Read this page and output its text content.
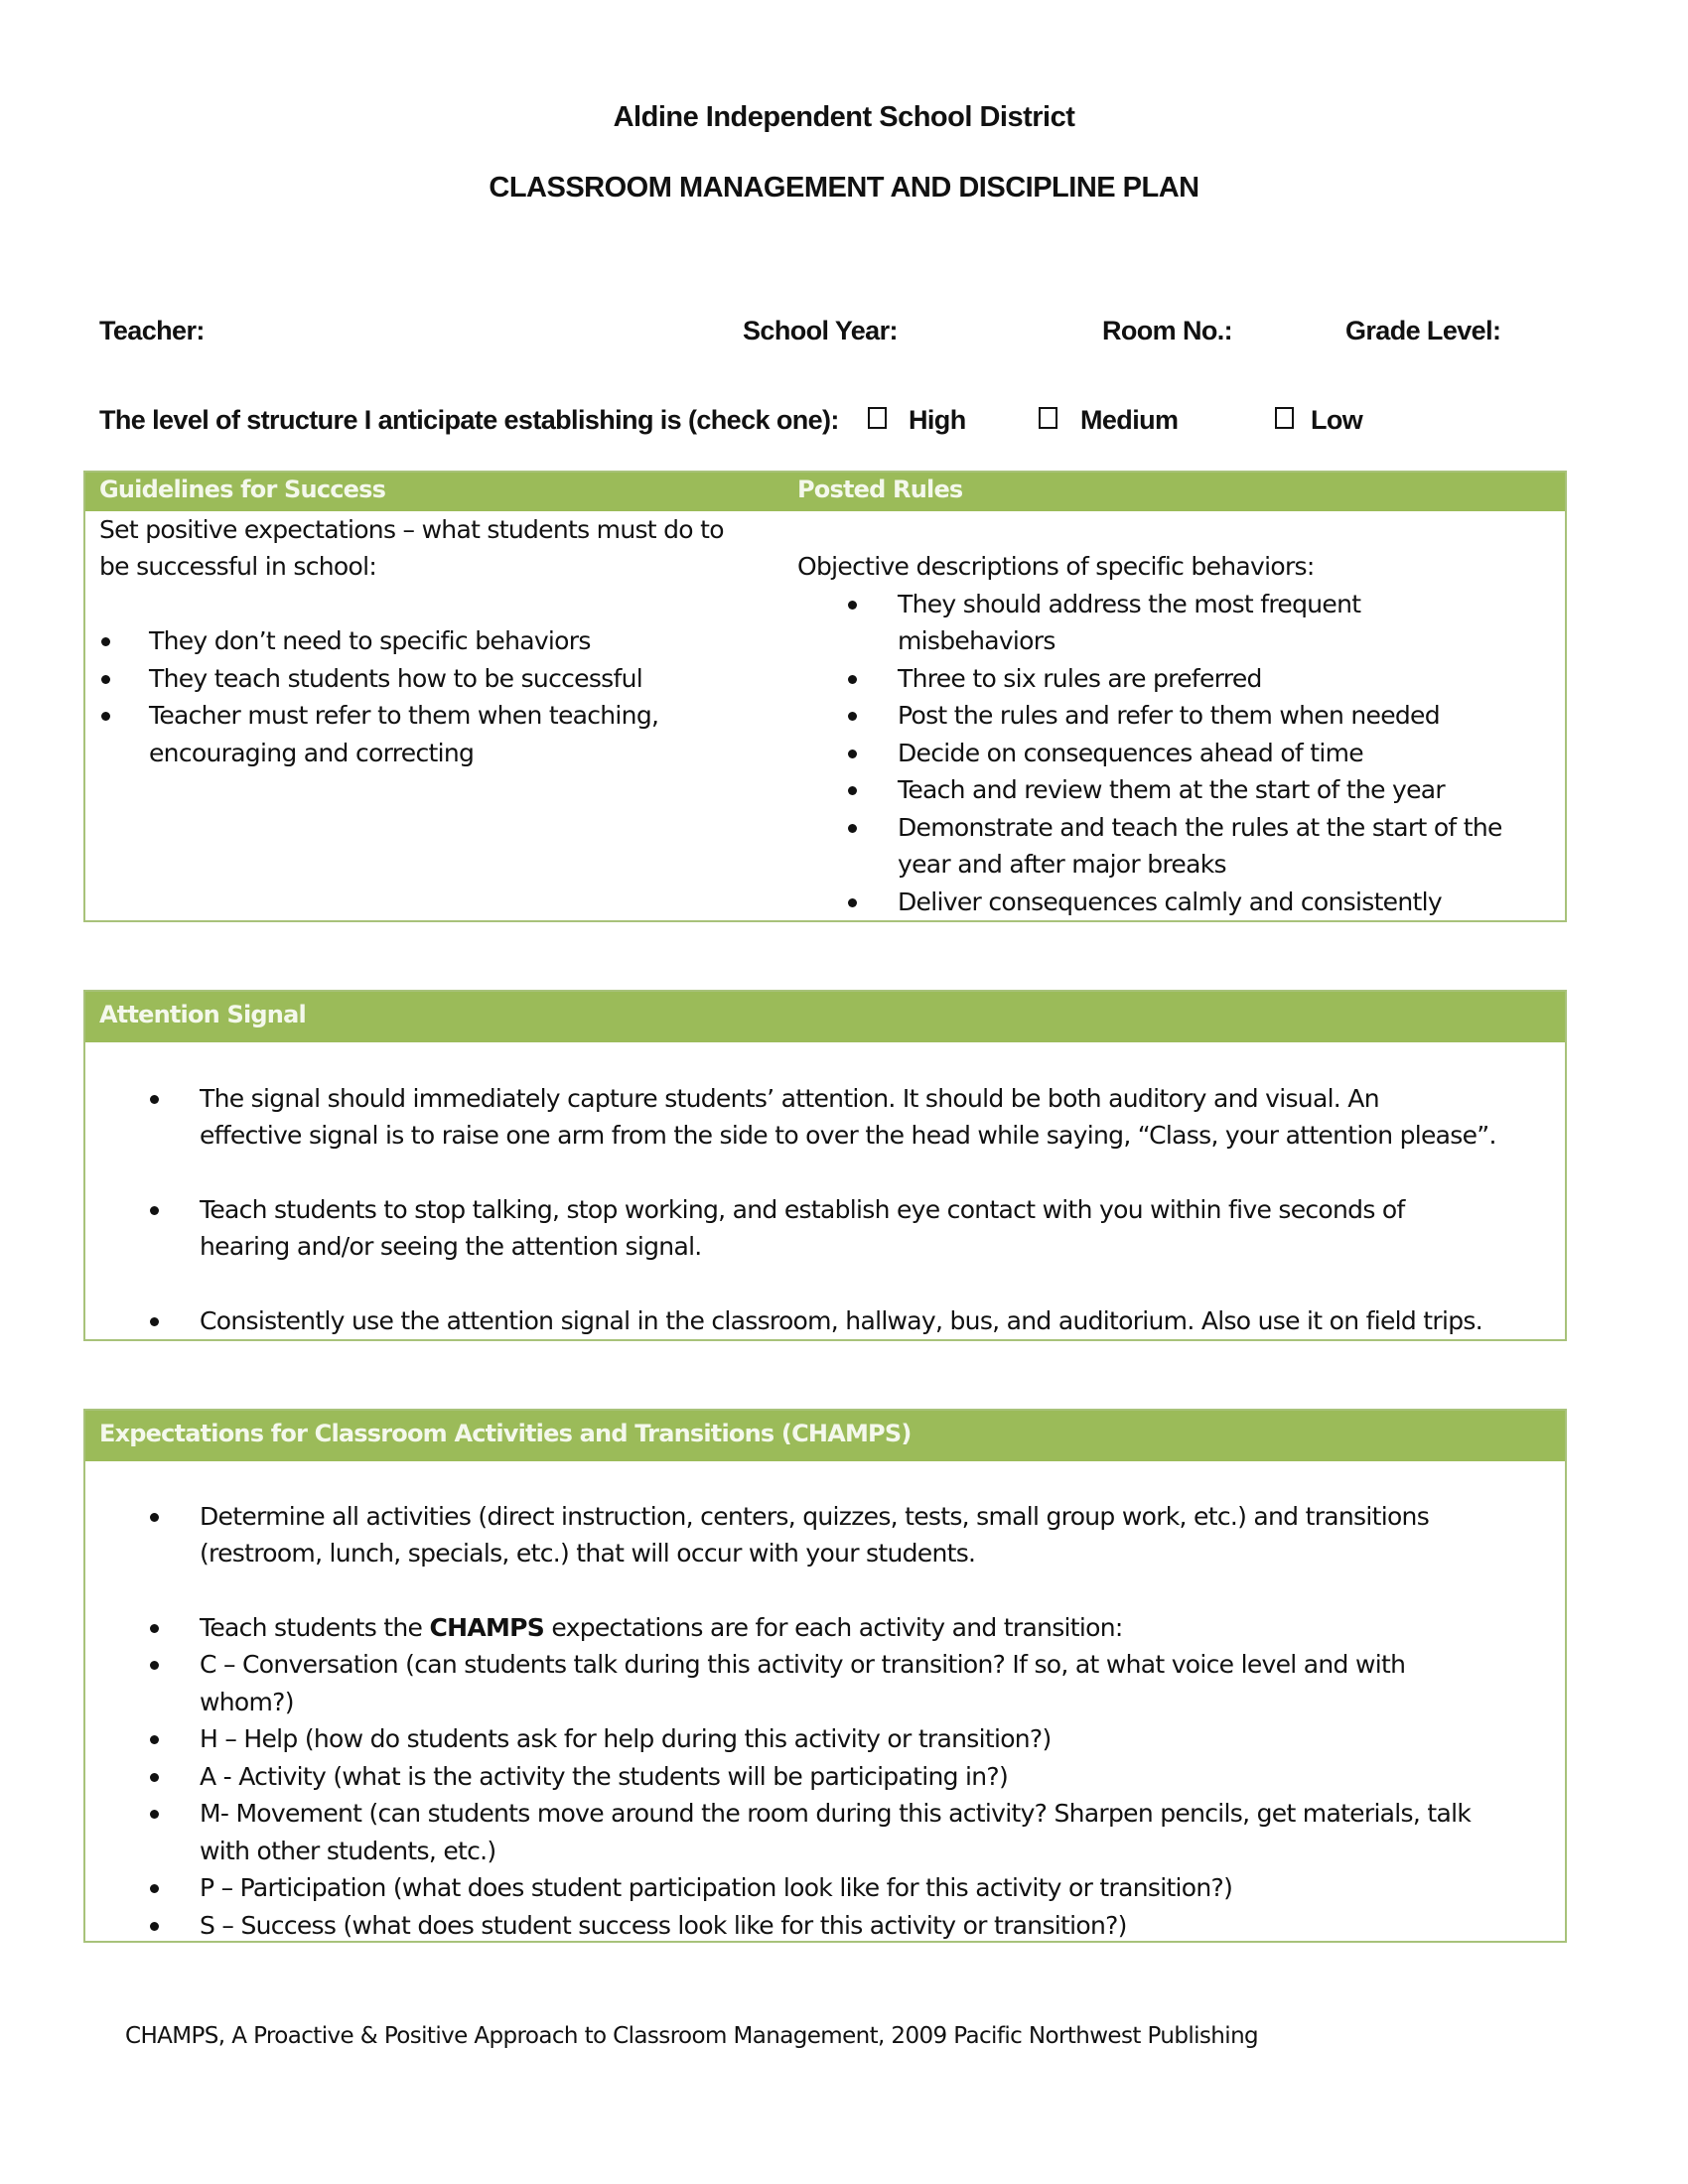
Aldine Independent School District
CLASSROOM MANAGEMENT AND DISCIPLINE PLAN
Teacher:	School Year:	Room No.:	Grade Level:
The level of structure I anticipate establishing is (check one):	High	Medium	Low
Guidelines for Success	Posted Rules
Set positive expectations – what students must do to
be successful in school:
They don’t need to specific behaviors
They teach students how to be successful
Teacher must refer to them when teaching,
encouraging and correcting
Objective descriptions of specific behaviors:
They should address the most frequent
misbehaviors
Three to six rules are preferred
Post the rules and refer to them when needed
Decide on consequences ahead of time
Teach and review them at the start of the year
Demonstrate and teach the rules at the start of the
year and after major breaks
Deliver consequences calmly and consistently
Attention Signal
The signal should immediately capture students’ attention. It should be both auditory and visual. An
effective signal is to raise one arm from the side to over the head while saying, “Class, your attention please”.
Teach students to stop talking, stop working, and establish eye contact with you within five seconds of
hearing and/or seeing the attention signal.
Consistently use the attention signal in the classroom, hallway, bus, and auditorium. Also use it on field trips.
Expectations for Classroom Activities and Transitions (CHAMPS)
Determine all activities (direct instruction, centers, quizzes, tests, small group work, etc.) and transitions
(restroom, lunch, specials, etc.) that will occur with your students.
Teach students the CHAMPS expectations are for each activity and transition:
C – Conversation (can students talk during this activity or transition? If so, at what voice level and with
whom?)
H – Help (how do students ask for help during this activity or transition?)
A - Activity (what is the activity the students will be participating in?)
M- Movement (can students move around the room during this activity? Sharpen pencils, get materials, talk
with other students, etc.)
P – Participation (what does student participation look like for this activity or transition?)
S – Success (what does student success look like for this activity or transition?)
CHAMPS, A Proactive & Positive Approach to Classroom Management, 2009 Pacific Northwest Publishing
